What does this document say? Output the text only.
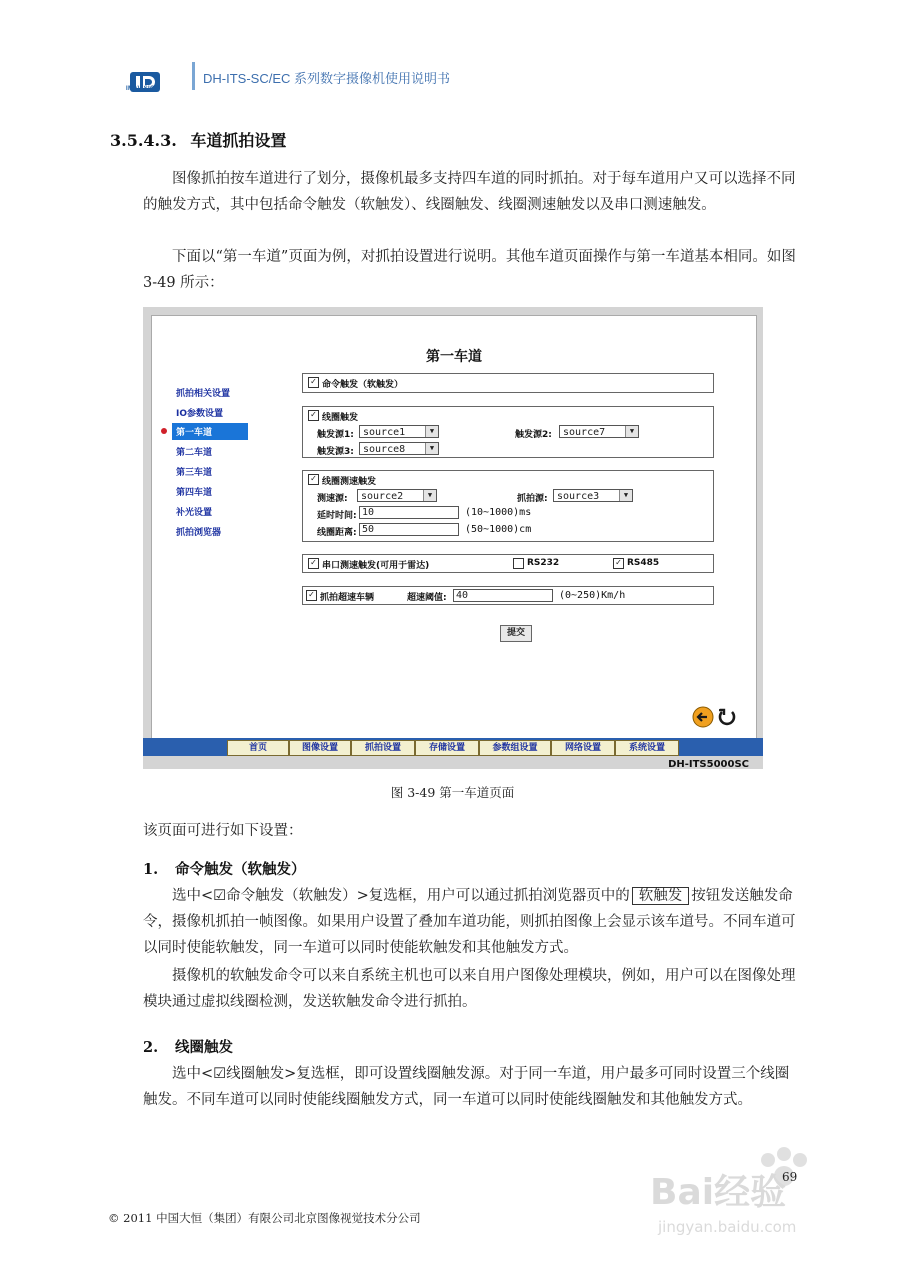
IMAVISION
DH-ITS-SC/EC 系列数字摄像机使用说明书
3.5.4.3. 车道抓拍设置
图像抓拍按车道进行了划分，摄像机最多支持四车道的同时抓拍。对于每车道用户又可以选择不同的触发方式，其中包括命令触发（软触发）、线圈触发、线圈测速触发以及串口测速触发。
下面以“第一车道”页面为例，对抓拍设置进行说明。其他车道页面操作与第一车道基本相同。如图 3-49 所示：
第一车道
抓拍相关设置
IO参数设置
第一车道
第二车道
第三车道
第四车道
补光设置
抓拍浏览器
✓ 命令触发（软触发）
✓ 线圈触发
触发源1: source1	▼	触发源2:	source7	▼
触发源3: source8	▼
✓ 线圈测速触发
测速源:	source2	▼	抓拍源: source3	▼
延时时间: 10	(10~1000)ms
线圈距离: 50	(50~1000)cm
✓ 串口测速触发(可用于雷达)	RS232	✓ RS485
✓ 抓拍超速车辆	超速阈值: 40	(0~250)Km/h
提交
首页	图像设置	抓拍设置	存储设置	参数组设置	网络设置	系统设置
DH-ITS5000SC
图 3-49 第一车道页面
该页面可进行如下设置：
1. 命令触发（软触发）
选中<☑命令触发（软触发）>复选框，用户可以通过抓拍浏览器页中的 软触发 按钮发送触发命令，摄像机抓拍一帧图像。如果用户设置了叠加车道功能，则抓拍图像上会显示该车道号。不同车道可以同时使能软触发，同一车道可以同时使能软触发和其他触发方式。
摄像机的软触发命令可以来自系统主机也可以来自用户图像处理模块，例如，用户可以在图像处理模块通过虚拟线圈检测，发送软触发命令进行抓拍。
2. 线圈触发
选中<☑线圈触发>复选框，即可设置线圈触发源。对于同一车道，用户最多可同时设置三个线圈触发。不同车道可以同时使能线圈触发方式，同一车道可以同时使能线圈触发和其他触发方式。
Bai经验
jingyan.baidu.com
69
© 2011 中国大恒（集团）有限公司北京图像视觉技术分公司
